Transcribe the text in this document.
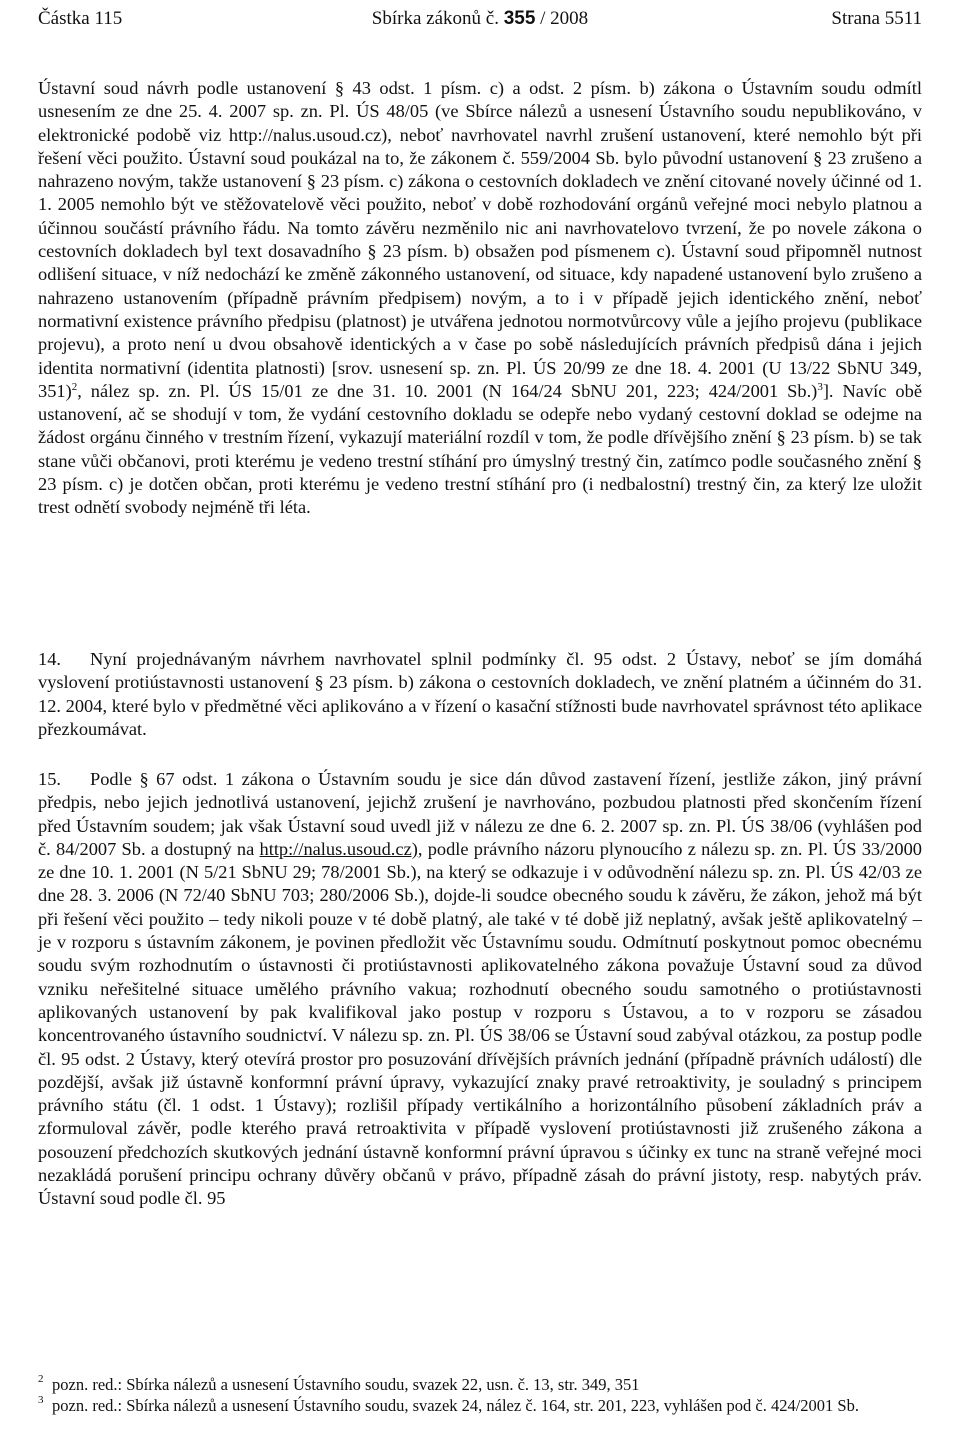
Částka 115	Sbírka zákonů č. 355 / 2008	Strana 5511
Ústavní soud návrh podle ustanovení § 43 odst. 1 písm. c) a odst. 2 písm. b) zákona o Ústavním soudu odmítl usnesením ze dne 25. 4. 2007 sp. zn. Pl. ÚS 48/05 (ve Sbírce nálezů a usnesení Ústavního soudu nepublikováno, v elektronické podobě viz http://nalus.usoud.cz), neboť navrhovatel navrhl zrušení ustanovení, které nemohlo být při řešení věci použito. Ústavní soud poukázal na to, že zákonem č. 559/2004 Sb. bylo původní ustanovení § 23 zrušeno a nahrazeno novým, takže ustanovení § 23 písm. c) zákona o cestovních dokladech ve znění citované novely účinné od 1. 1. 2005 nemohlo být ve stěžovatelově věci použito, neboť v době rozhodování orgánů veřejné moci nebylo platnou a účinnou součástí právního řádu. Na tomto závěru nezměnilo nic ani navrhovatelovo tvrzení, že po novele zákona o cestovních dokladech byl text dosavadního § 23 písm. b) obsažen pod písmenem c). Ústavní soud připomněl nutnost odlišení situace, v níž nedochází ke změně zákonného ustanovení, od situace, kdy napadené ustanovení bylo zrušeno a nahrazeno ustanovením (případně právním předpisem) novým, a to i v případě jejich identického znění, neboť normativní existence právního předpisu (platnost) je utvářena jednotou normotvůrcovy vůle a jejího projevu (publikace projevu), a proto není u dvou obsahově identických a v čase po sobě následujících právních předpisů dána i jejich identita normativní (identita platnosti) [srov. usnesení sp. zn. Pl. ÚS 20/99 ze dne 18. 4. 2001 (U 13/22 SbNU 349, 351)$^2$, nález sp. zn. Pl. ÚS 15/01 ze dne 31. 10. 2001 (N 164/24 SbNU 201, 223; 424/2001 Sb.)$^3$]. Navíc obě ustanovení, ač se shodují v tom, že vydání cestovního dokladu se odepře nebo vydaný cestovní doklad se odejme na žádost orgánu činného v trestním řízení, vykazují materiální rozdíl v tom, že podle dřívějšího znění § 23 písm. b) se tak stane vůči občanovi, proti kterému je vedeno trestní stíhání pro úmyslný trestný čin, zatímco podle současného znění § 23 písm. c) je dotčen občan, proti kterému je vedeno trestní stíhání pro (i nedbalostní) trestný čin, za který lze uložit trest odnětí svobody nejméně tři léta.
14. Nyní projednávaným návrhem navrhovatel splnil podmínky čl. 95 odst. 2 Ústavy, neboť se jím domáhá vyslovení protiústavnosti ustanovení § 23 písm. b) zákona o cestovních dokladech, ve znění platném a účinném do 31. 12. 2004, které bylo v předmětné věci aplikováno a v řízení o kasační stížnosti bude navrhovatel správnost této aplikace přezkoumávat.
15. Podle § 67 odst. 1 zákona o Ústavním soudu je sice dán důvod zastavení řízení, jestliže zákon, jiný právní předpis, nebo jejich jednotlivá ustanovení, jejichž zrušení je navrhováno, pozbudou platnosti před skončením řízení před Ústavním soudem; jak však Ústavní soud uvedl již v nálezu ze dne 6. 2. 2007 sp. zn. Pl. ÚS 38/06 (vyhlášen pod č. 84/2007 Sb. a dostupný na http://nalus.usoud.cz), podle právního názoru plynoucího z nálezu sp. zn. Pl. ÚS 33/2000 ze dne 10. 1. 2001 (N 5/21 SbNU 29; 78/2001 Sb.), na který se odkazuje i v odůvodnění nálezu sp. zn. Pl. ÚS 42/03 ze dne 28. 3. 2006 (N 72/40 SbNU 703; 280/2006 Sb.), dojde-li soudce obecného soudu k závěru, že zákon, jehož má být při řešení věci použito – tedy nikoli pouze v té době platný, ale také v té době již neplatný, avšak ještě aplikovatelný – je v rozporu s ústavním zákonem, je povinen předložit věc Ústavnímu soudu. Odmítnutí poskytnout pomoc obecnému soudu svým rozhodnutím o ústavnosti či protiústavnosti aplikovatelného zákona považuje Ústavní soud za důvod vzniku neřešitelné situace umělého právního vakua; rozhodnutí obecného soudu samotného o protiústavnosti aplikovaných ustanovení by pak kvalifikoval jako postup v rozporu s Ústavou, a to v rozporu se zásadou koncentrovaného ústavního soudnictví. V nálezu sp. zn. Pl. ÚS 38/06 se Ústavní soud zabýval otázkou, za postup podle čl. 95 odst. 2 Ústavy, který otevírá prostor pro posuzování dřívějších právních jednání (případně právních událostí) dle pozdější, avšak již ústavně konformní právní úpravy, vykazující znaky pravé retroaktivity, je souladný s principem právního státu (čl. 1 odst. 1 Ústavy); rozlišil případy vertikálního a horizontálního působení základních práv a zformuloval závěr, podle kterého pravá retroaktivita v případě vyslovení protiústavnosti již zrušeného zákona a posouzení předchozích skutkových jednání ústavně konformní právní úpravou s účinky ex tunc na straně veřejné moci nezakládá porušení principu ochrany důvěry občanů v právo, případně zásah do právní jistoty, resp. nabytých práv. Ústavní soud podle čl. 95
2 pozn. red.: Sbírka nálezů a usnesení Ústavního soudu, svazek 22, usn. č. 13, str. 349, 351
3 pozn. red.: Sbírka nálezů a usnesení Ústavního soudu, svazek 24, nález č. 164, str. 201, 223, vyhlášen pod č. 424/2001 Sb.
